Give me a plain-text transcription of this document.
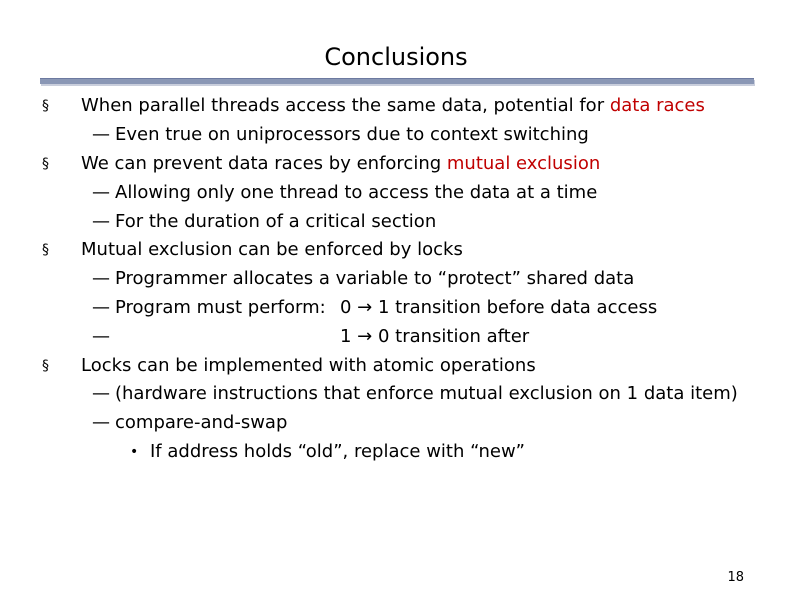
Conclusions
§ When parallel threads access the same data, potential for data races
— Even true on uniprocessors due to context switching
§ We can prevent data races by enforcing mutual exclusion
— Allowing only one thread to access the data at a time
— For the duration of a critical section
§ Mutual exclusion can be enforced by locks
— Programmer allocates a variable to “protect” shared data
— Program must perform: 0 → 1 transition before data access
—	1 → 0 transition after
§ Locks can be implemented with atomic operations
— (hardware instructions that enforce mutual exclusion on 1 data item)
— compare-and-swap
• If address holds “old”, replace with “new”
18
